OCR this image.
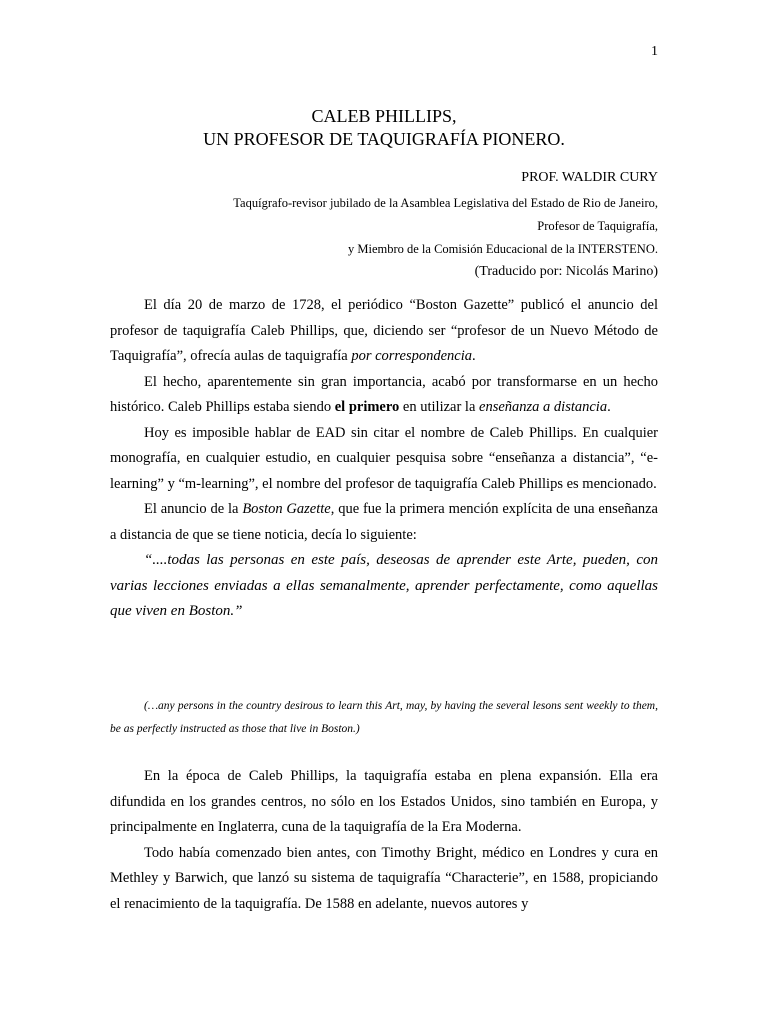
1
CALEB PHILLIPS,
UN PROFESOR DE TAQUIGRAFÍA PIONERO.
PROF. WALDIR CURY
Taquígrafo-revisor jubilado de la Asamblea Legislativa del Estado de Rio de Janeiro,
Profesor de Taquigrafía,
y Miembro de la Comisión Educacional de la INTERSTENO.
(Traducido por: Nicolás Marino)

El día 20 de marzo de 1728, el periódico “Boston Gazette” publicó el anuncio del profesor de taquigrafía Caleb Phillips, que, diciendo ser “profesor de un Nuevo Método de Taquigrafía”, ofrecía aulas de taquigrafía por correspondencia.

El hecho, aparentemente sin gran importancia, acabó por transformarse en un hecho histórico. Caleb Phillips estaba siendo el primero en utilizar la enseñanza a distancia.

Hoy es imposible hablar de EAD sin citar el nombre de Caleb Phillips. En cualquier monografía, en cualquier estudio, en cualquier pesquisa sobre “enseñanza a distancia”, “e-learning” y “m-learning”, el nombre del profesor de taquigrafía Caleb Phillips es mencionado.

El anuncio de la Boston Gazette, que fue la primera mención explícita de una enseñanza a distancia de que se tiene noticia, decía lo siguiente:

“....todas las personas en este país, deseosas de aprender este Arte, pueden, con varias lecciones enviadas a ellas semanalmente, aprender perfectamente, como aquellas que viven en Boston.”

(…any persons in the country desirous to learn this Art, may, by having the several lesons sent weekly to them, be as perfectly instructed as those that live in Boston.)

En la época de Caleb Phillips, la taquigrafía estaba en plena expansión. Ella era difundida en los grandes centros, no sólo en los Estados Unidos, sino también en Europa, y principalmente en Inglaterra, cuna de la taquigrafía de la Era Moderna.

Todo había comenzado bien antes, con Timothy Bright, médico en Londres y cura en Methley y Barwich, que lanzó su sistema de taquigrafía “Characterie”, en 1588, propiciando el renacimiento de la taquigrafía. De 1588 en adelante, nuevos autores y
